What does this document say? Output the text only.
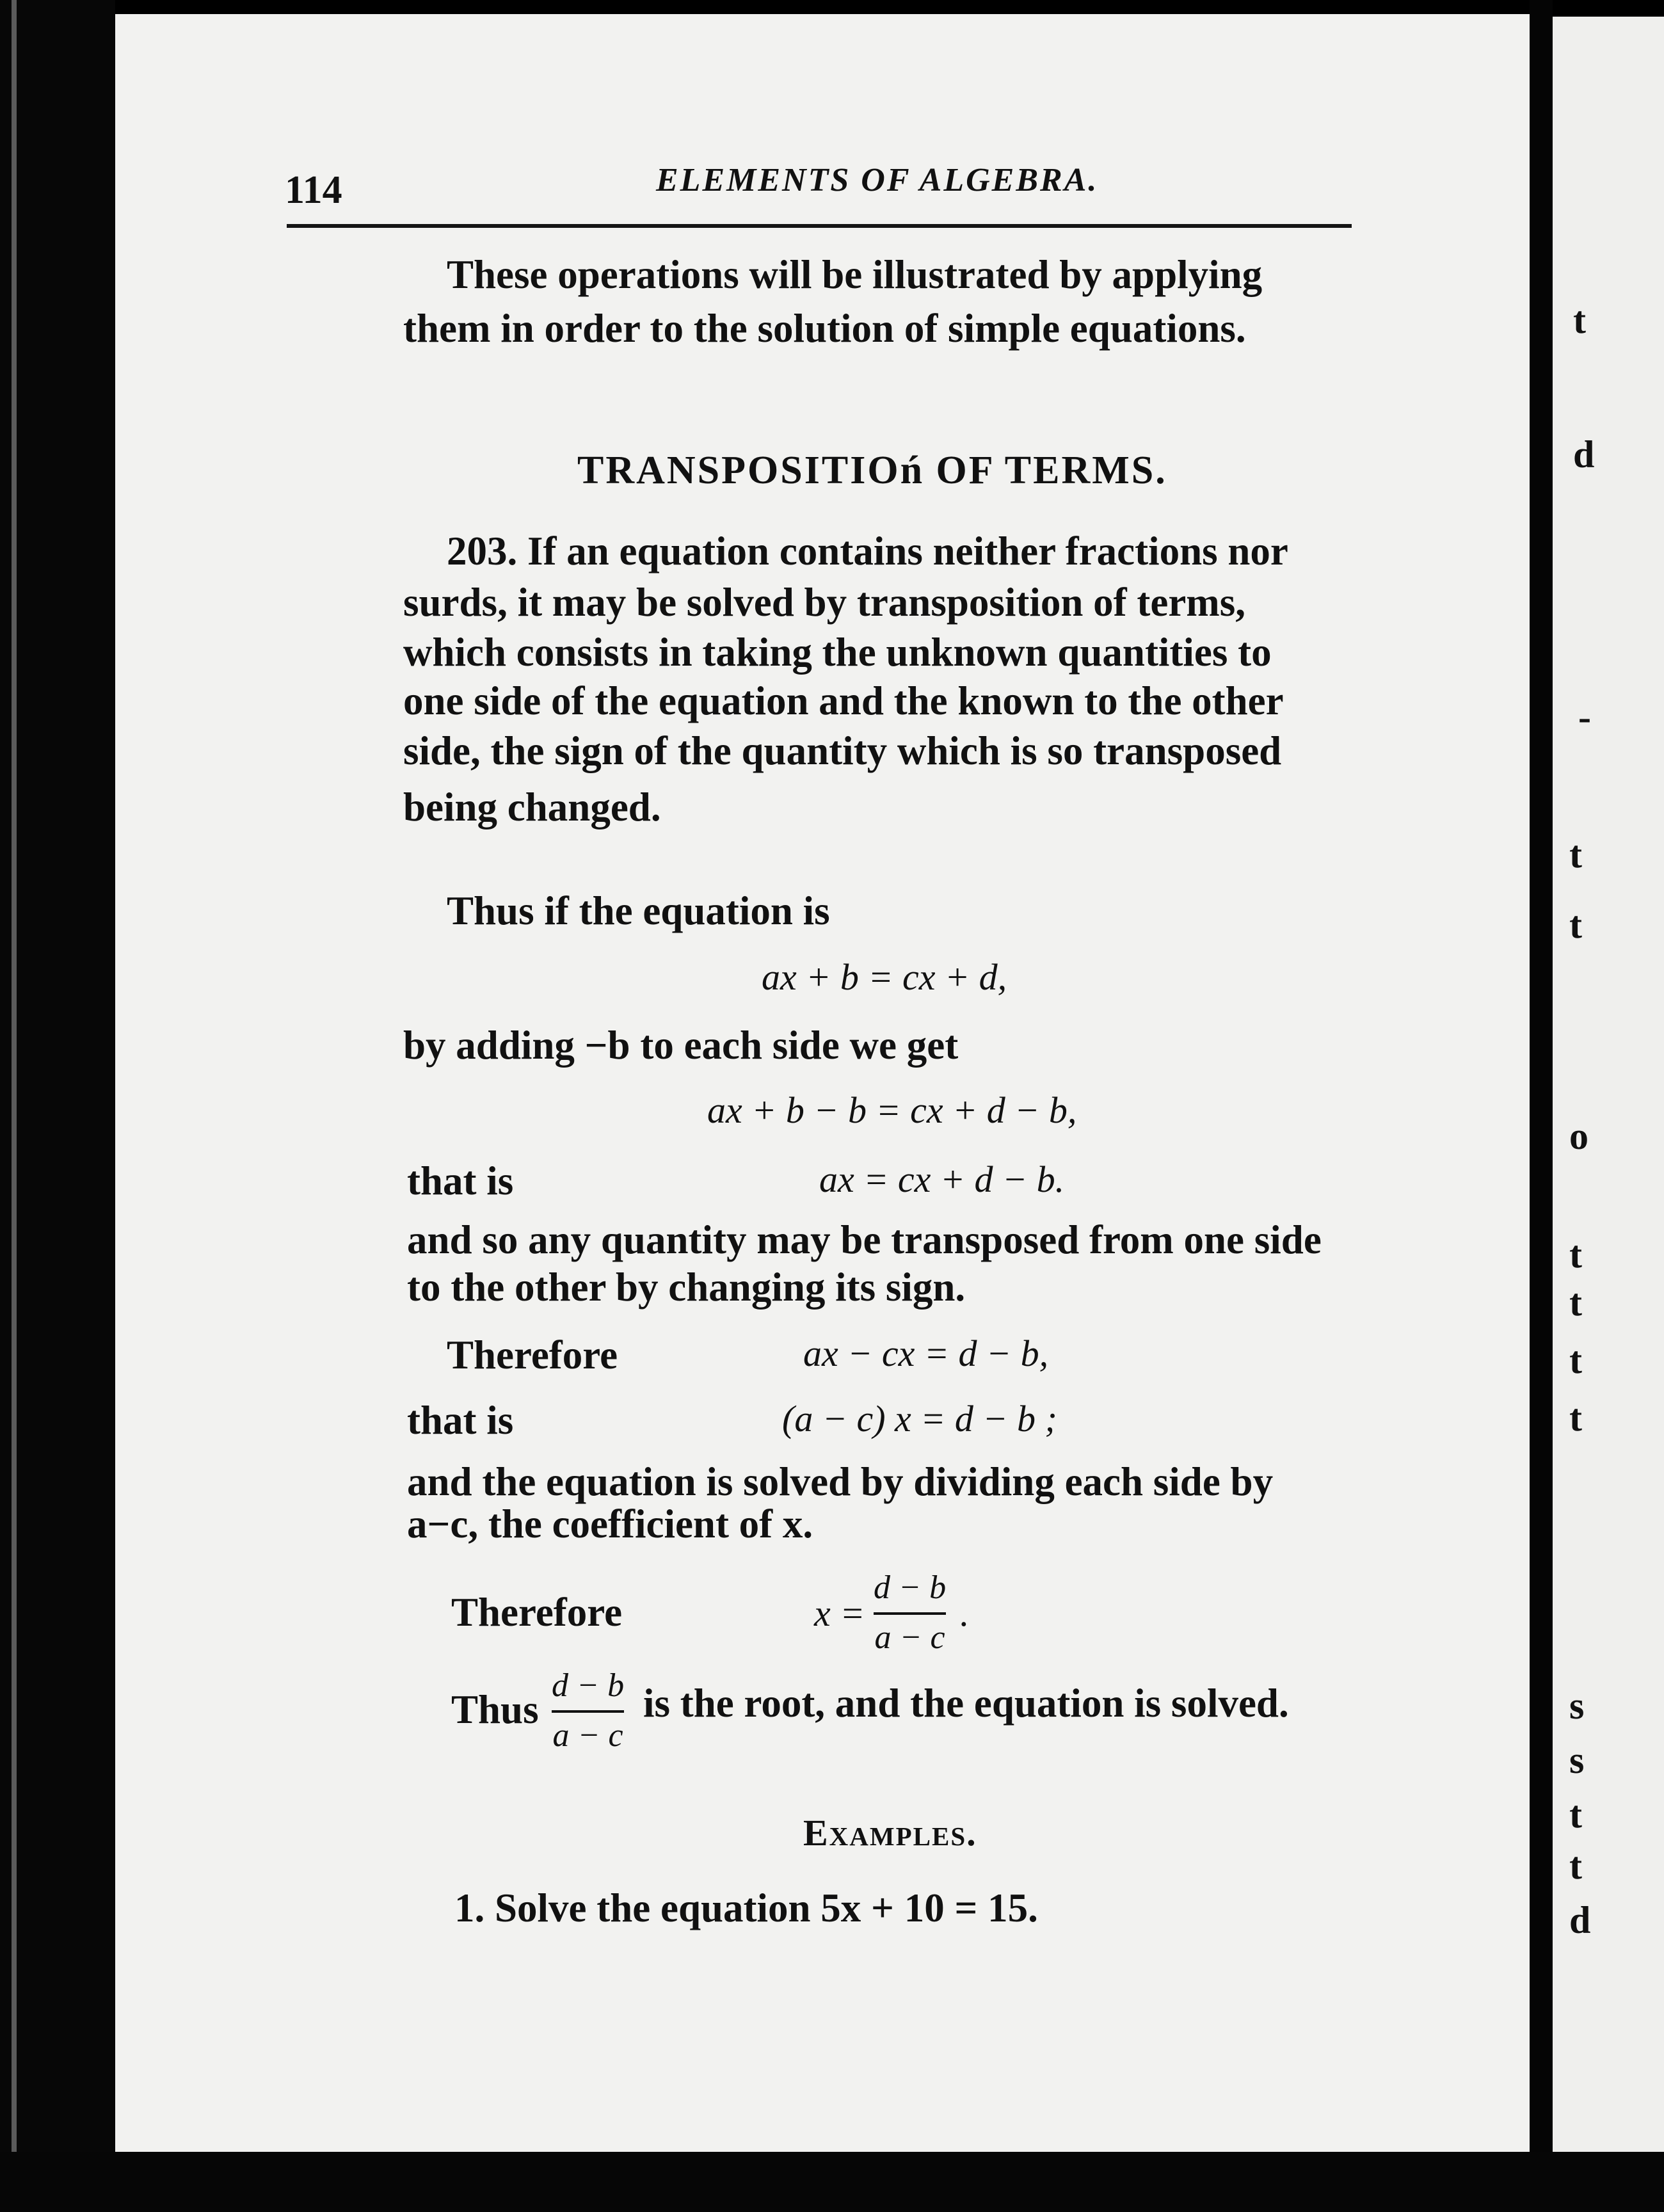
t
d
-
t
t
o
t
t
t
t
s
s
t
t
d
114	ELEMENTS OF ALGEBRA.
These operations will be illustrated by applying
them in order to the solution of simple equations.
TRANSPOSITIOń OF TERMS.
203. If an equation contains neither fractions nor
surds, it may be solved by transposition of terms,
which consists in taking the unknown quantities to
one side of the equation and the known to the other
side, the sign of the quantity which is so transposed
being changed.
Thus if the equation is
ax + b = cx + d,
by adding −b to each side we get
ax + b − b = cx + d − b,
that is	ax = cx + d − b.
and so any quantity may be transposed from one side
to the other by changing its sign.
Therefore	ax − cx = d − b,
that is	(a − c) x = d − b ;
and the equation is solved by dividing each side by
a−c, the coefficient of x.
Therefore	x =
d − b
a − c
.
Thus
d − b
a − c
is the root, and the equation is solved.
Examples.
1. Solve the equation 5x + 10 = 15.
